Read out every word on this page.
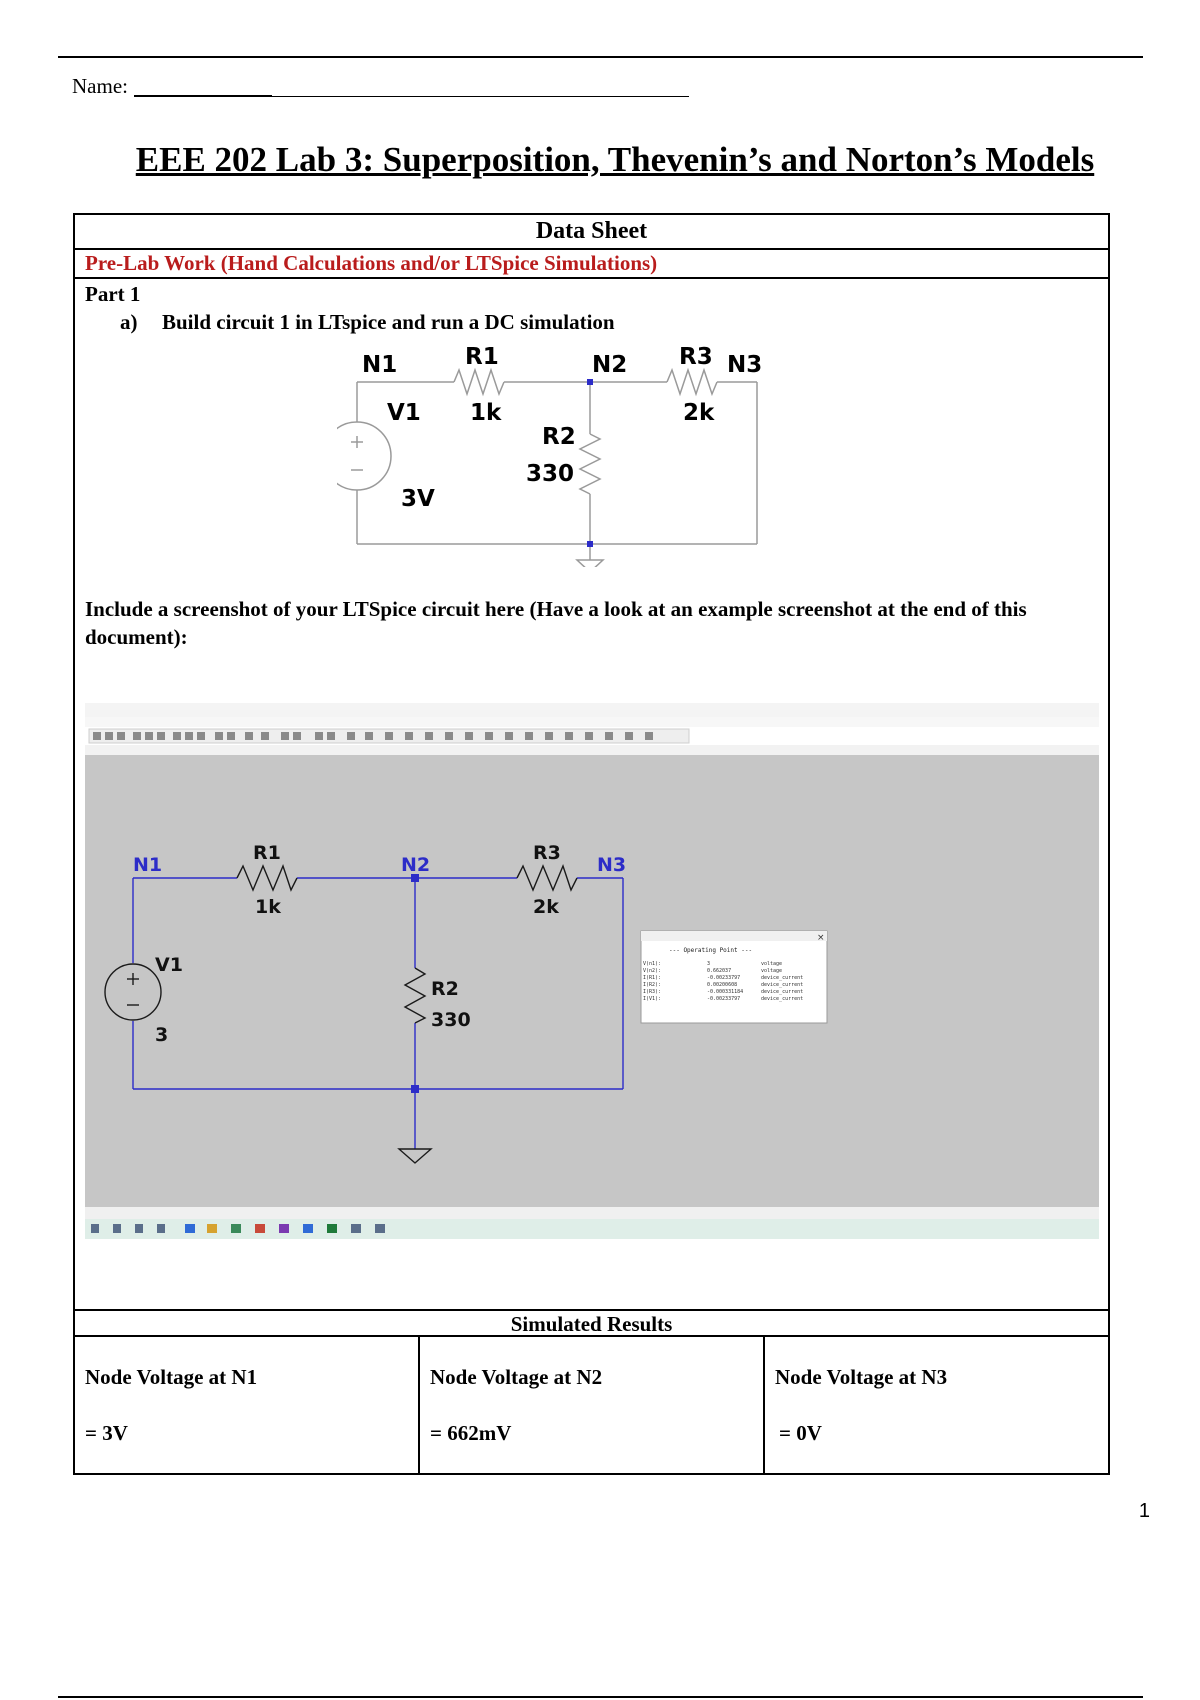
Name:
EEE 202 Lab 3: Superposition, Thevenin’s and Norton’s Models
Data Sheet
Pre-Lab Work (Hand Calculations and/or LTSpice Simulations)
Part 1
a) Build circuit 1 in LTspice and run a DC simulation
N1	R1	N2 R3 N3
V1 1k	2k
R2
330
3V
Include a screenshot of your LTSpice circuit here (Have a look at an example screenshot at the end of this document):
N1	N2	N3
R1
1k
R3
2k
R2
330
V1
3
×
--- Operating Point ---
V(n1):	3	voltage
V(n2):	0.662037	voltage
I(R1):	-0.00233797	device_current
I(R2):	0.00200608	device_current
I(R3):	-0.000331184	device_current
I(V1):	-0.00233797	device_current
Simulated Results
Node Voltage at N1
= 3V
Node Voltage at N2
= 662mV
Node Voltage at N3
= 0V
1
